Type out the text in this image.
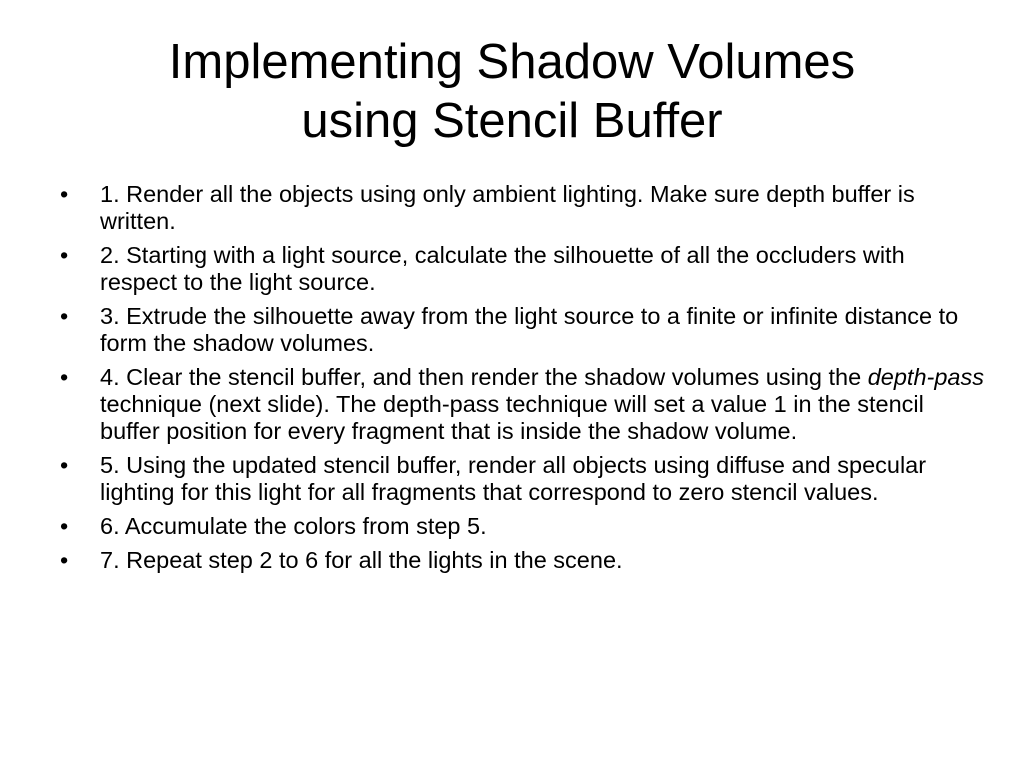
Implementing Shadow Volumes
using Stencil Buffer
• 1. Render all the objects using only ambient lighting. Make sure depth buffer is written.
• 2. Starting with a light source, calculate the silhouette of all the occluders with respect to the light source.
• 3. Extrude the silhouette away from the light source to a finite or infinite distance to form the shadow volumes.
• 4. Clear the stencil buffer, and then render the shadow volumes using the depth-pass technique (next slide). The depth-pass technique will set a value 1 in the stencil buffer position for every fragment that is inside the shadow volume.
• 5. Using the updated stencil buffer, render all objects using diffuse and specular lighting for this light for all fragments that correspond to zero stencil values.
• 6. Accumulate the colors from step 5.
• 7. Repeat step 2 to 6 for all the lights in the scene.
